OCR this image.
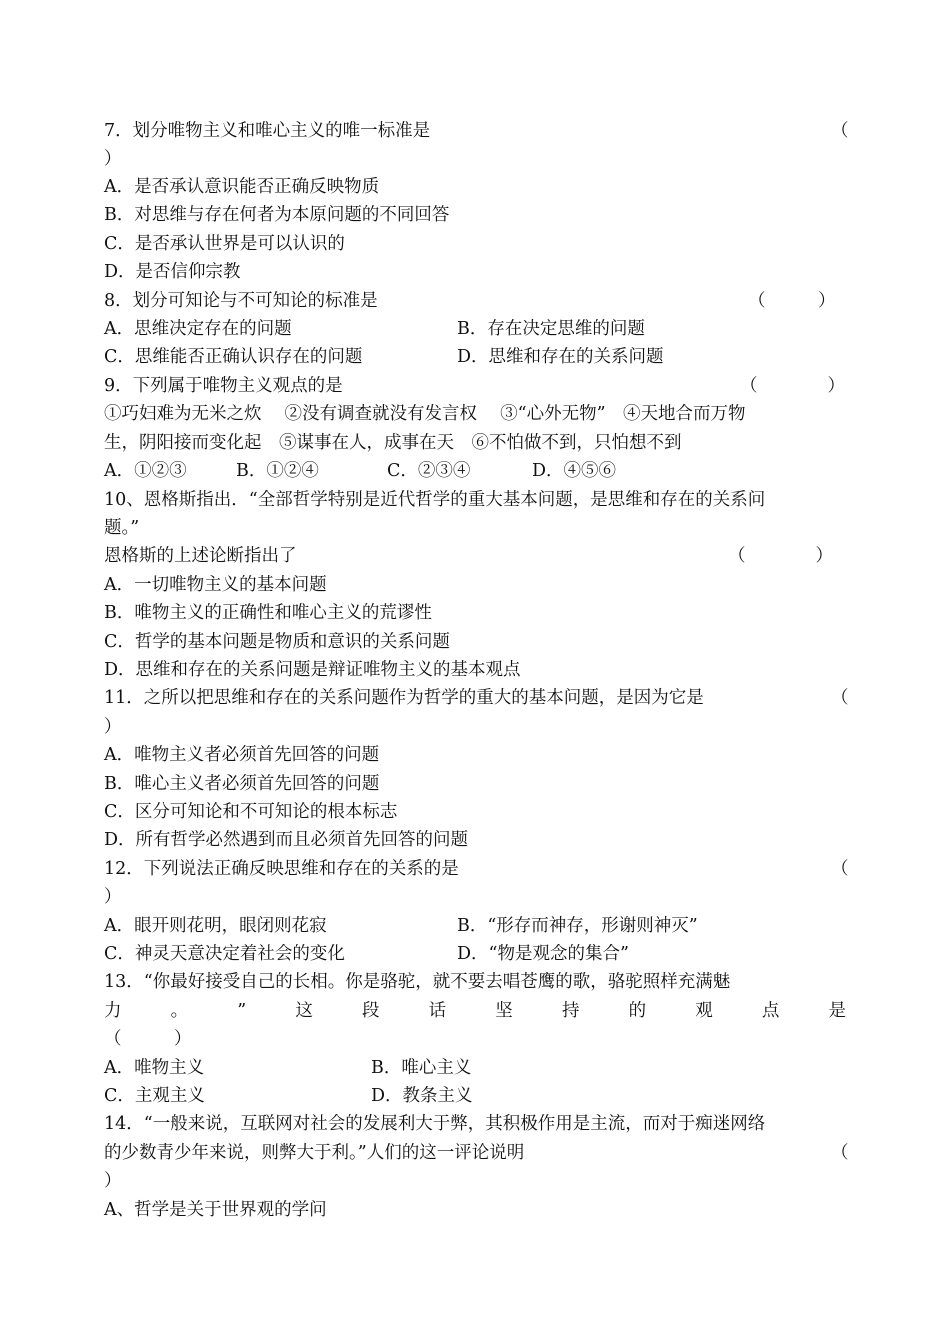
7．划分唯物主义和唯心主义的唯一标准是	（
）
A．是否承认意识能否正确反映物质
B．对思维与存在何者为本原问题的不同回答
C．是否承认世界是可以认识的
D．是否信仰宗教
8．划分可知论与不可知论的标准是	（　　　）
A．思维决定存在的问题	B．存在决定思维的问题
C．思维能否正确认识存在的问题	D．思维和存在的关系问题
9．下列属于唯物主义观点的是	（　　　　）
①巧妇难为无米之炊　 ②没有调查就没有发言权　 ③“心外无物”　④天地合而万物
生，阴阳接而变化起　⑤谋事在人，成事在天　⑥不怕做不到，只怕想不到
A．①②③	B．①②④	C．②③④	D．④⑤⑥
10、恩格斯指出．“全部哲学特别是近代哲学的重大基本问题，是思维和存在的关系问
题。”
恩格斯的上述论断指出了	（　　　　）
A．一切唯物主义的基本问题
B．唯物主义的正确性和唯心主义的荒谬性
C．哲学的基本问题是物质和意识的关系问题
D．思维和存在的关系问题是辩证唯物主义的基本观点
11．之所以把思维和存在的关系问题作为哲学的重大的基本问题，是因为它是	（
）
A．唯物主义者必须首先回答的问题
B．唯心主义者必须首先回答的问题
C．区分可知论和不可知论的根本标志
D．所有哲学必然遇到而且必须首先回答的问题
12．下列说法正确反映思维和存在的关系的是	（
）
A．眼开则花明，眼闭则花寂	B．“形存而神存，形谢则神灭”
C．神灵天意决定着社会的变化	D．“物是观念的集合”
13．“你最好接受自己的长相。你是骆驼，就不要去唱苍鹰的歌，骆驼照样充满魅
力	。	”	这	段	话	坚	持	的	观	点	是
（　　　）
A．唯物主义	B．唯心主义
C．主观主义	D．教条主义
14．“一般来说，互联网对社会的发展利大于弊，其积极作用是主流，而对于痴迷网络
的少数青少年来说，则弊大于利。”人们的这一评论说明	（
）
A、哲学是关于世界观的学问
